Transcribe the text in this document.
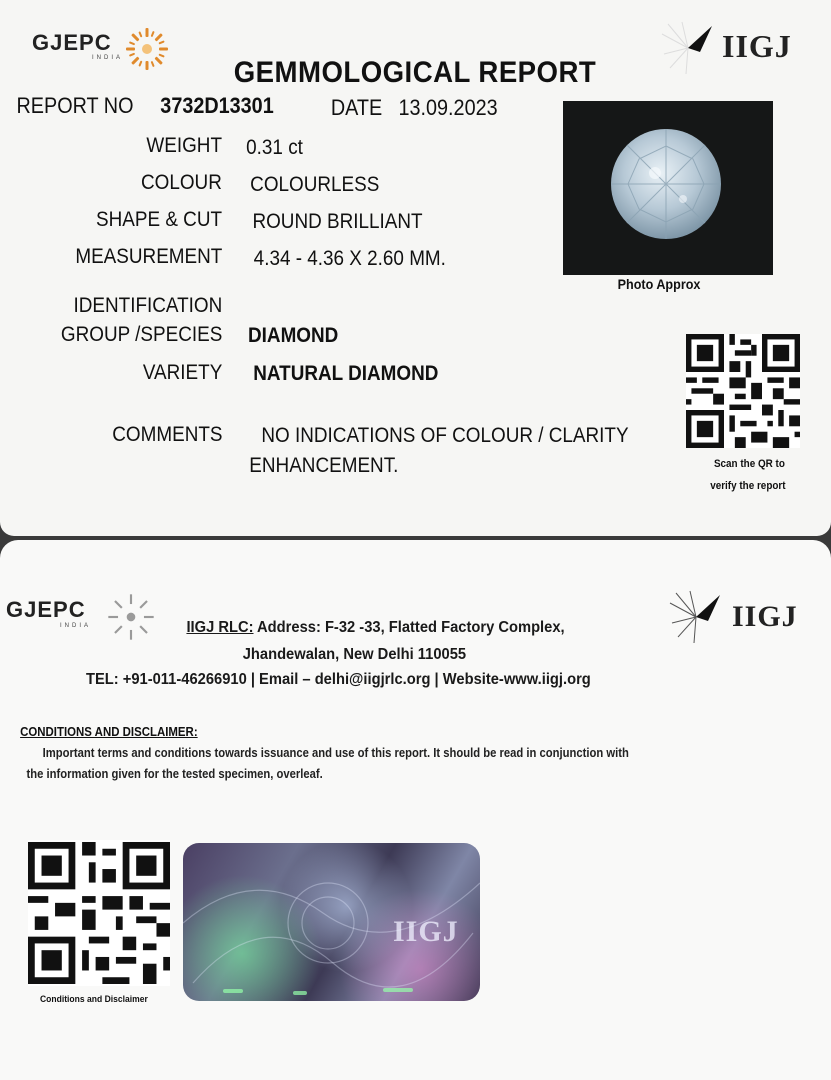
GJEPC
INDIA	IIGJ
GEMMOLOGICAL REPORT
REPORT NO 3732D13301	DATE 13.09.2023
WEIGHT 0.31 ct
COLOUR COLOURLESS
SHAPE & CUT ROUND BRILLIANT
MEASUREMENT 4.34 - 4.36 X 2.60 MM.
IDENTIFICATION
GROUP /SPECIES DIAMOND
VARIETY NATURAL DIAMOND
COMMENTS NO INDICATIONS OF COLOUR / CLARITY
ENHANCEMENT.
Photo Approx
Scan the QR to
verify the report
GJEPC
INDIA	IIGJ
IIGJ RLC: Address: F-32 -33, Flatted Factory Complex,
Jhandewalan, New Delhi 110055
TEL: +91-011-46266910 | Email – delhi@iigjrlc.org | Website-www.iigj.org
CONDITIONS AND DISCLAIMER:
Important terms and conditions towards issuance and use of this report. It should be read in conjunction with
the information given for the tested specimen, overleaf.
Conditions and Disclaimer
IIGJ
